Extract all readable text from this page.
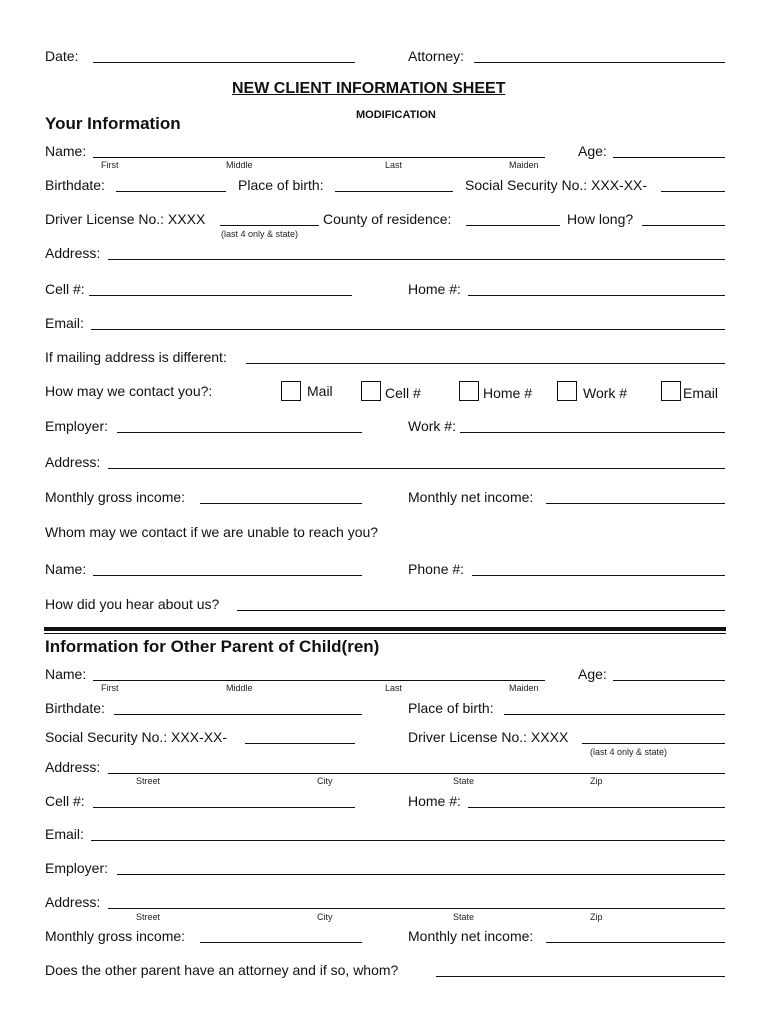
Date:	Attorney:
NEW CLIENT INFORMATION SHEET
MODIFICATION
Your Information
Name:
First	Middle	Last	Maiden
Age:
Birthdate:	Place of birth:	Social Security No.: XXX-XX-
Driver License No.: XXXX
(last 4 only & state)
County of residence:	How long?
Address:
Cell #:	Home #:
Email:
If mailing address is different:
How may we contact you?:	Mail	Cell #	Home #	Work #	Email
Employer:	Work #:
Address:
Monthly gross income:	Monthly net income:
Whom may we contact if we are unable to reach you?
Name:	Phone #:
How did you hear about us?
Information for Other Parent of Child(ren)
Name:
First	Middle	Last	Maiden
Age:
Birthdate:	Place of birth:
Social Security No.: XXX-XX-	Driver License No.: XXXX
(last 4 only & state)
Address:
Street	City	State	Zip
Cell #:	Home #:
Email:
Employer:
Address:
Street	City	State	Zip
Monthly gross income:	Monthly net income:
Does the other parent have an attorney and if so, whom?
